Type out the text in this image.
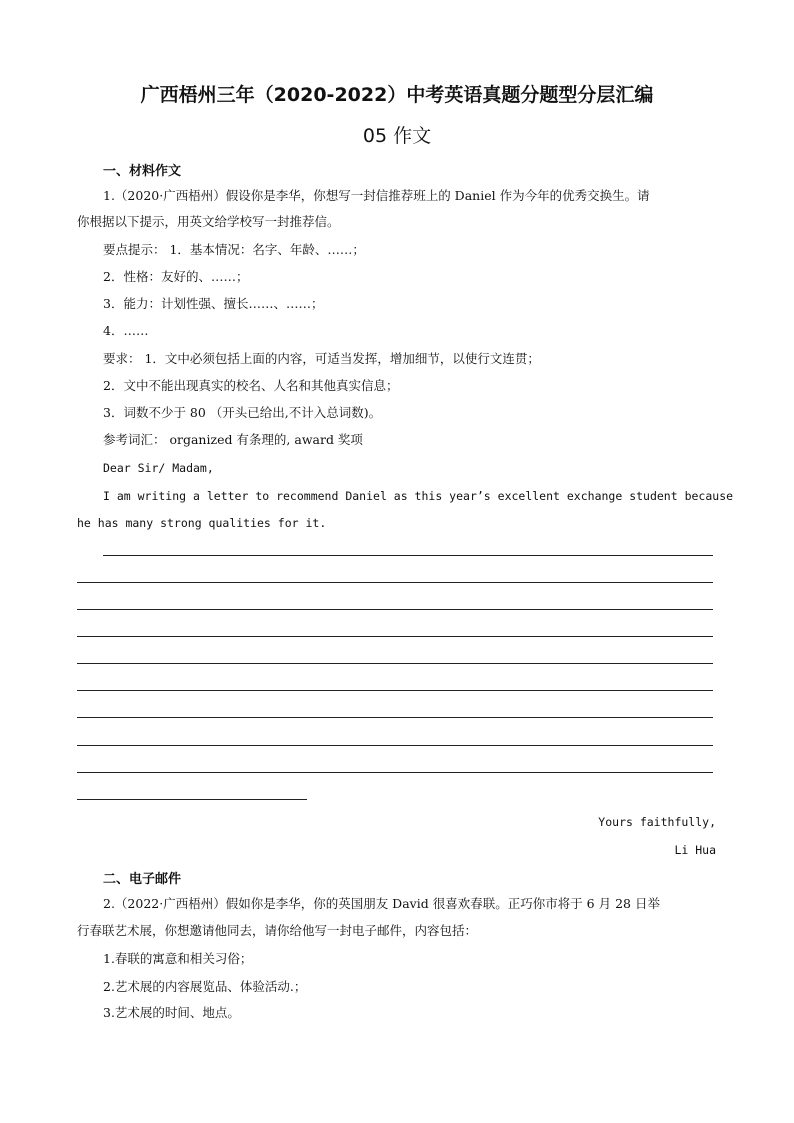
广西梧州三年（2020-2022）中考英语真题分题型分层汇编
05 作文
一、材料作文
1.（2020·广西梧州）假设你是李华，你想写一封信推荐班上的 Daniel 作为今年的优秀交换生。请
你根据以下提示，用英文给学校写一封推荐信。
要点提示： 1．基本情况：名字、年龄、……；
2．性格：友好的、……；
3．能力：计划性强、擅长……、……；
4．……
要求： 1．文中必须包括上面的内容，可适当发挥，增加细节，以使行文连贯；
2．文中不能出现真实的校名、人名和其他真实信息；
3．词数不少于 80 （开头已给出,不计入总词数)。
参考词汇： organized 有条理的, award 奖项
Dear Sir/ Madam,
I am writing a letter to recommend Daniel as this year’s excellent exchange student because
he has many strong qualities for it.
Yours faithfully,
Li Hua
二、电子邮件
2.（2022·广西梧州）假如你是李华，你的英国朋友 David 很喜欢春联。正巧你市将于 6 月 28 日举
行春联艺术展，你想邀请他同去，请你给他写一封电子邮件，内容包括：
1.春联的寓意和相关习俗；
2.艺术展的内容展览品、体验活动.；
3.艺术展的时间、地点。
